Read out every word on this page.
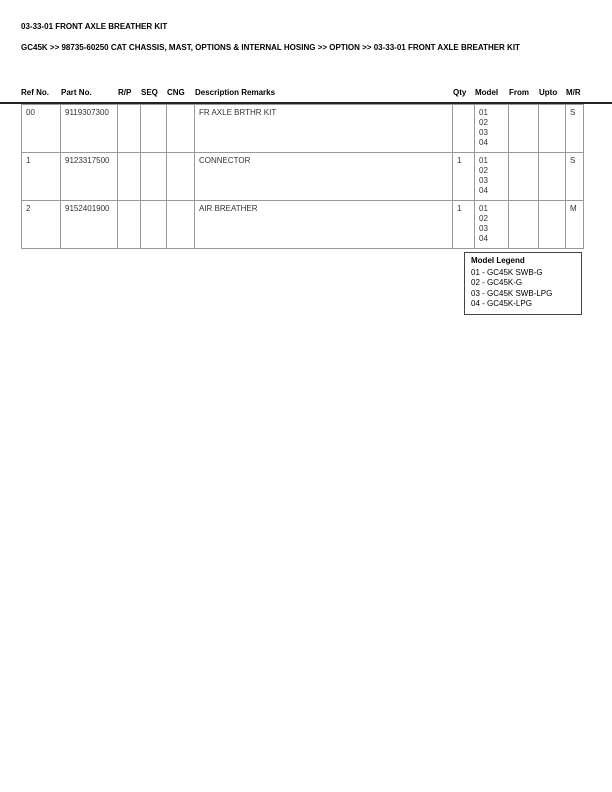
03-33-01 FRONT AXLE BREATHER KIT
GC45K >> 98735-60250 CAT CHASSIS, MAST, OPTIONS & INTERNAL HOSING >> OPTION >> 03-33-01 FRONT AXLE BREATHER KIT
Ref No. Part No.	R/P SEQ CNG Description Remarks	Qty Model From Upto M/R
00	9119307300				FR AXLE BRTHR KIT		01
02
03
04			S
1	9123317500				CONNECTOR	1	01
02
03
04			S
2	9152401900				AIR BREATHER	1	01
02
03
04			M
Model Legend
01 - GC45K SWB-G
02 - GC45K-G
03 - GC45K SWB-LPG
04 - GC45K-LPG
